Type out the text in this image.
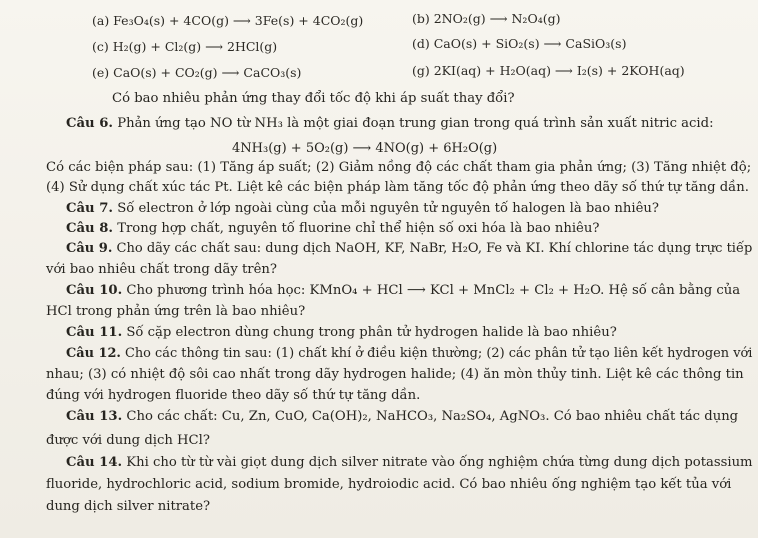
(a) Fe₃O₄(s) + 4CO(g) ⟶ 3Fe(s) + 4CO₂(g)	(b) 2NO₂(g) ⟶ N₂O₄(g)
(c) H₂(g) + Cl₂(g) ⟶ 2HCl(g)	(d) CaO(s) + SiO₂(s) ⟶ CaSiO₃(s)
(e) CaO(s) + CO₂(g) ⟶ CaCO₃(s)	(g) 2KI(aq) + H₂O(aq) ⟶ I₂(s) + 2KOH(aq)
Có bao nhiêu phản ứng thay đổi tốc độ khi áp suất thay đổi?
Câu 6. Phản ứng tạo NO từ NH₃ là một giai đoạn trung gian trong quá trình sản xuất nitric acid:
4NH₃(g) + 5O₂(g) ⟶ 4NO(g) + 6H₂O(g)
Có các biện pháp sau: (1) Tăng áp suất; (2) Giảm nồng độ các chất tham gia phản ứng; (3) Tăng nhiệt độ;
(4) Sử dụng chất xúc tác Pt. Liệt kê các biện pháp làm tăng tốc độ phản ứng theo dãy số thứ tự tăng dần.
Câu 7. Số electron ở lớp ngoài cùng của mỗi nguyên tử nguyên tố halogen là bao nhiêu?
Câu 8. Trong hợp chất, nguyên tố fluorine chỉ thể hiện số oxi hóa là bao nhiêu?
Câu 9. Cho dãy các chất sau: dung dịch NaOH, KF, NaBr, H₂O, Fe và KI. Khí chlorine tác dụng trực tiếp
với bao nhiêu chất trong dãy trên?
Câu 10. Cho phương trình hóa học: KMnO₄ + HCl ⟶ KCl + MnCl₂ + Cl₂ + H₂O. Hệ số cân bằng của
HCl trong phản ứng trên là bao nhiêu?
Câu 11. Số cặp electron dùng chung trong phân tử hydrogen halide là bao nhiêu?
Câu 12. Cho các thông tin sau: (1) chất khí ở điều kiện thường; (2) các phân tử tạo liên kết hydrogen với
nhau; (3) có nhiệt độ sôi cao nhất trong dãy hydrogen halide; (4) ăn mòn thủy tinh. Liệt kê các thông tin
đúng với hydrogen fluoride theo dãy số thứ tự tăng dần.
Câu 13. Cho các chất: Cu, Zn, CuO, Ca(OH)₂, NaHCO₃, Na₂SO₄, AgNO₃. Có bao nhiêu chất tác dụng
được với dung dịch HCl?
Câu 14. Khi cho từ từ vài giọt dung dịch silver nitrate vào ống nghiệm chứa từng dung dịch potassium
fluoride, hydrochloric acid, sodium bromide, hydroiodic acid. Có bao nhiêu ống nghiệm tạo kết tủa với
dung dịch silver nitrate?
